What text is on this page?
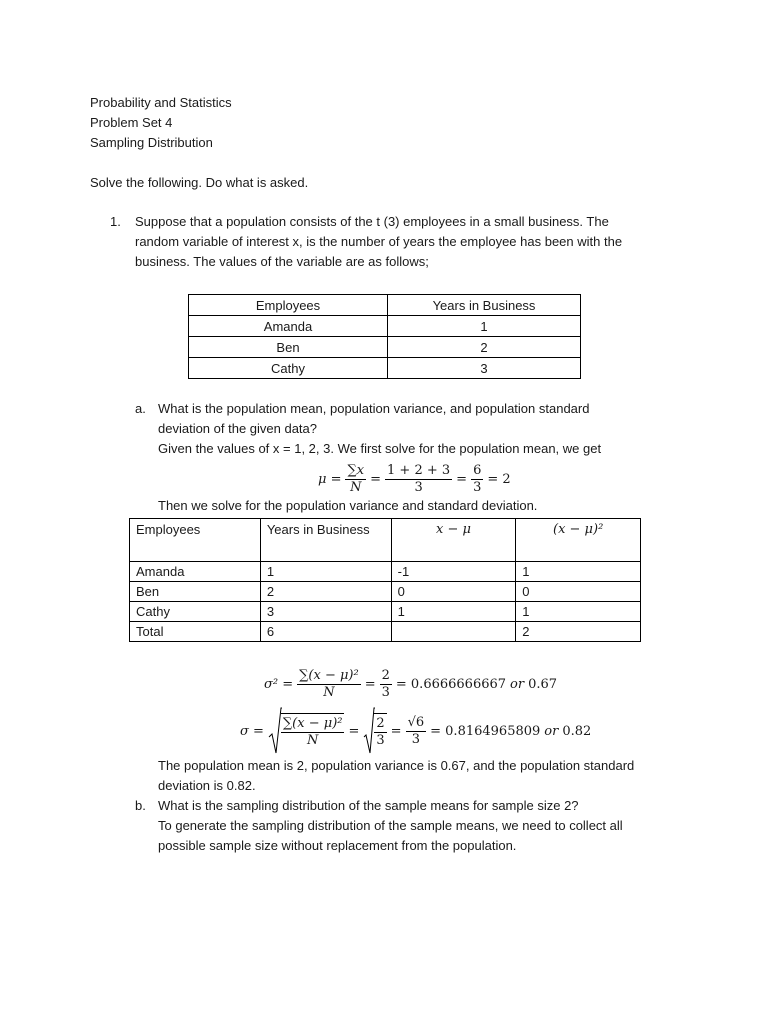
Probability and Statistics
Problem Set 4
Sampling Distribution
Solve the following. Do what is asked.
1. Suppose that a population consists of the t (3) employees in a small business. The
random variable of interest x, is the number of years the employee has been with the
business. The values of the variable are as follows;
Employees	Years in Business
Amanda	1
Ben	2
Cathy	3
a. What is the population mean, population variance, and population standard
deviation of the given data?
Given the values of x = 1, 2, 3. We first solve for the population mean, we get
$\mu = \frac{\sum x}{N} = \frac{1 + 2 + 3}{3} = \frac{6}{3} = 2$
Then we solve for the population variance and standard deviation.
Employees	Years in Business	x − μ	(x − μ)²
Amanda	1	-1	1
Ben	2	0	0
Cathy	3	1	1
Total	6		2
$\sigma^2 = \frac{\text{∑(x − μ)²}}{N} = \frac{2}{3} = 0.6666666667$ or 0.67
$\sigma = \frac{\text{∑(x − μ)²}}{N} = \frac{2}{3} = \frac{√6}{3} = 0.8164965809$ or 0.82
The population mean is 2, population variance is 0.67, and the population standard
deviation is 0.82.
b. What is the sampling distribution of the sample means for sample size 2?
To generate the sampling distribution of the sample means, we need to collect all
possible sample size without replacement from the population.
